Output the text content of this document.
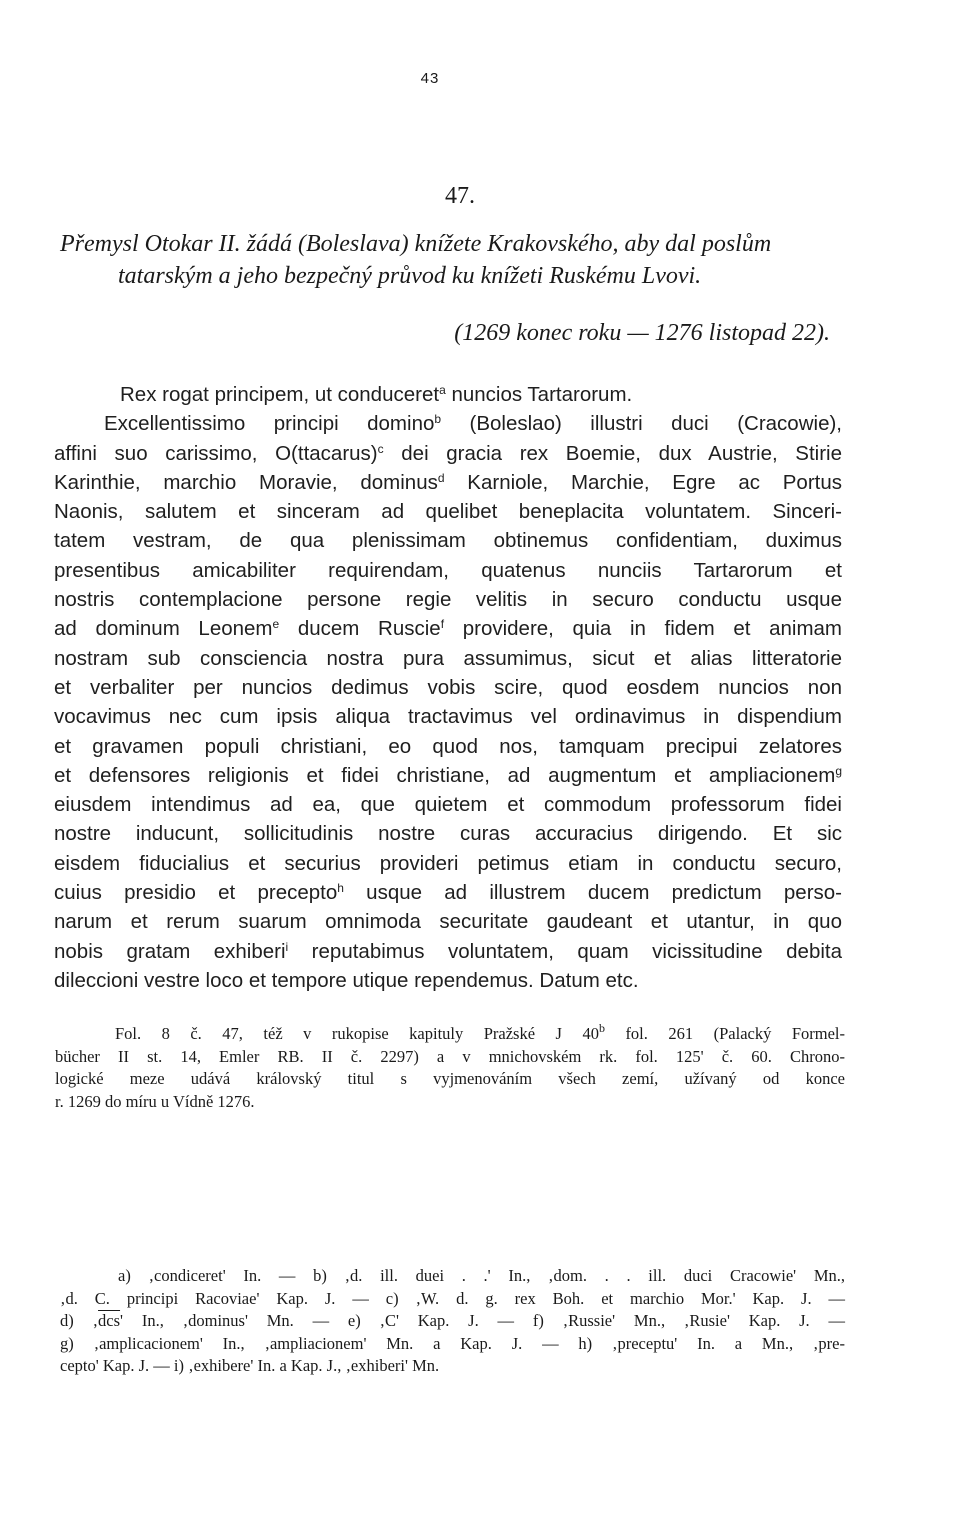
43
47.
Přemysl Otokar II. žádá (Boleslava) knížete Krakovského, aby dal poslům
tatarským a jeho bezpečný průvod ku knížeti Ruskému Lvovi.
(1269 konec roku — 1276 listopad 22).
Rex rogat principem, ut conduceret$^a$ nuncios Tartarorum.
Excellentissimo principi domino$^b$ (Boleslao) illustri duci (Cracowie),
affini suo carissimo, O(ttacarus)$^c$ dei gracia rex Boemie, dux Austrie, Stirie
Karinthie, marchio Moravie, dominus$^d$ Karniole, Marchie, Egre ac Portus
Naonis, salutem et sinceram ad quelibet beneplacita voluntatem. Sinceri-
tatem vestram, de qua plenissimam obtinemus confidentiam, duximus
presentibus amicabiliter requirendam, quatenus nunciis Tartarorum et
nostris contemplacione persone regie velitis in securo conductu usque
ad dominum Leonem$^e$ ducem Ruscie$^f$ providere, quia in fidem et animam
nostram sub consciencia nostra pura assumimus, sicut et alias litteratorie
et verbaliter per nuncios dedimus vobis scire, quod eosdem nuncios non
vocavimus nec cum ipsis aliqua tractavimus vel ordinavimus in dispendium
et gravamen populi christiani, eo quod nos, tamquam precipui zelatores
et defensores religionis et fidei christiane, ad augmentum et ampliacionem$^g$
eiusdem intendimus ad ea, que quietem et commodum professorum fidei
nostre inducunt, sollicitudinis nostre curas accuracius dirigendo. Et sic
eisdem fiducialius et securius provideri petimus etiam in conductu securo,
cuius presidio et precepto$^h$ usque ad illustrem ducem predictum perso-
narum et rerum suarum omnimoda securitate gaudeant et utantur, in quo
nobis gratam exhiberi$^i$ reputabimus voluntatem, quam vicissitudine debita
dileccioni vestre loco et tempore utique rependemus. Datum etc.
Fol. 8 č. 47, též v rukopise kapituly Pražské J 40$^b$ fol. 261 (Palacký Formel-
bücher II st. 14, Emler RB. II č. 2297) a v mnichovském rk. fol. 125' č. 60. Chrono-
logické meze udává královský titul s vyjmenováním všech zemí, užívaný od konce
r. 1269 do míru u Vídně 1276.
a) ‚condiceret' In. — b) ‚d. ill. duei . .' In., ‚dom. . . ill. duci Cracowie' Mn.,
‚d. C. principi Racoviae' Kap. J. — c) ‚W. d. g. rex Boh. et marchio Mor.' Kap. J. —
d) $‚\overline{dcs}'$ In., ‚dominus' Mn. — e) ‚C' Kap. J. — f) ‚Russie' Mn., ‚Rusie' Kap. J. —
g) ‚amplicacionem' In., ‚ampliacionem' Mn. a Kap. J. — h) ‚preceptu' In. a Mn., ‚pre-
cepto' Kap. J. — i) ‚exhibere' In. a Kap. J., ‚exhiberi' Mn.
